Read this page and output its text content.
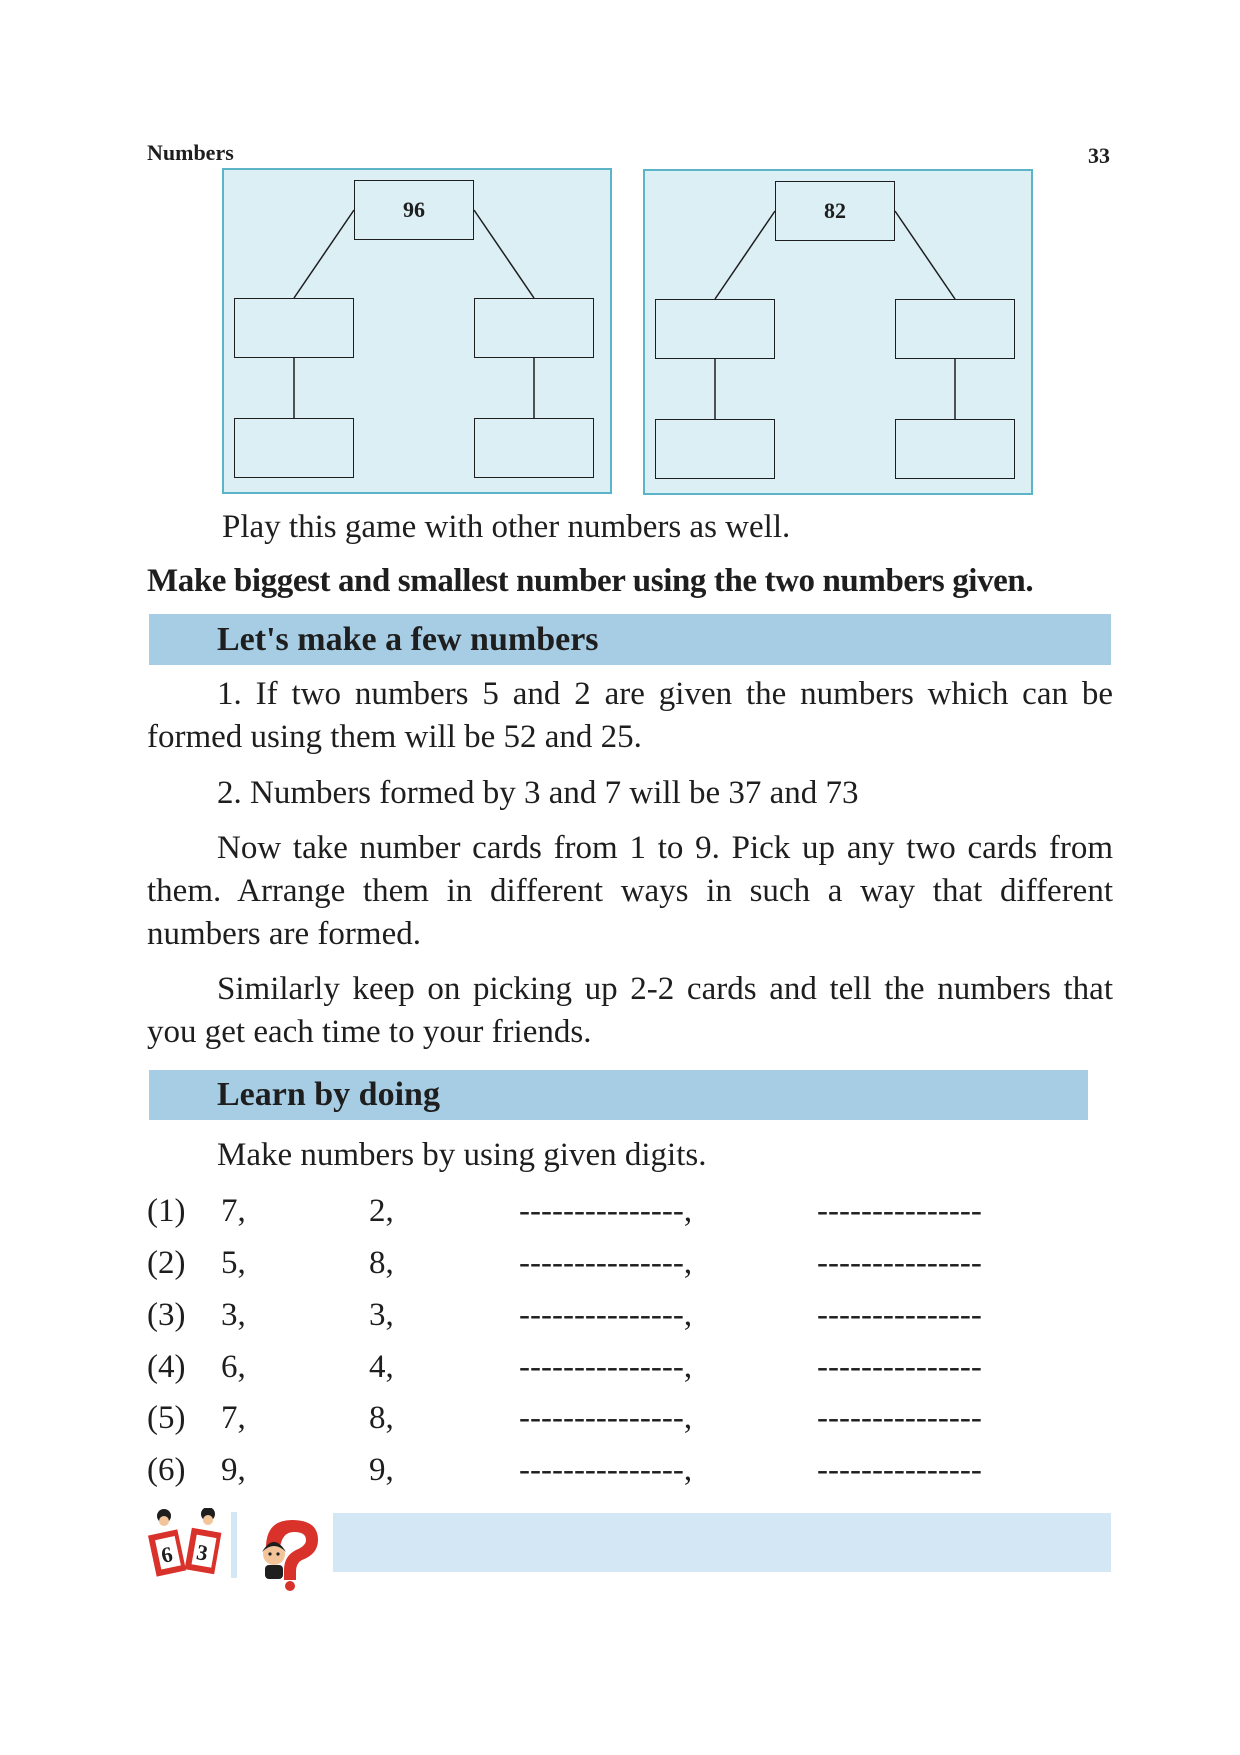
Numbers	33
96	82
Play this game with other numbers as well.
Make biggest and smallest number using the two numbers given.
Let's make a few numbers
1. If two numbers 5 and 2 are given the numbers which can be formed using them will be 52 and 25.
2. Numbers formed by 3 and 7 will be 37 and 73
Now take number cards from 1 to 9. Pick up any two cards from them. Arrange them in different ways in such a way that different numbers are formed.
Similarly keep on picking up 2-2 cards and tell the numbers that you get each time to your friends.
Learn by doing
Make numbers by using given digits.
(1) 7,	2,	---------------,	---------------
(2) 5,	8,	---------------,	---------------
(3) 3,	3,	---------------,	---------------
(4) 6,	4,	---------------,	---------------
(5) 7,	8,	---------------,	---------------
(6) 9,	9,	---------------,	---------------
6 3
